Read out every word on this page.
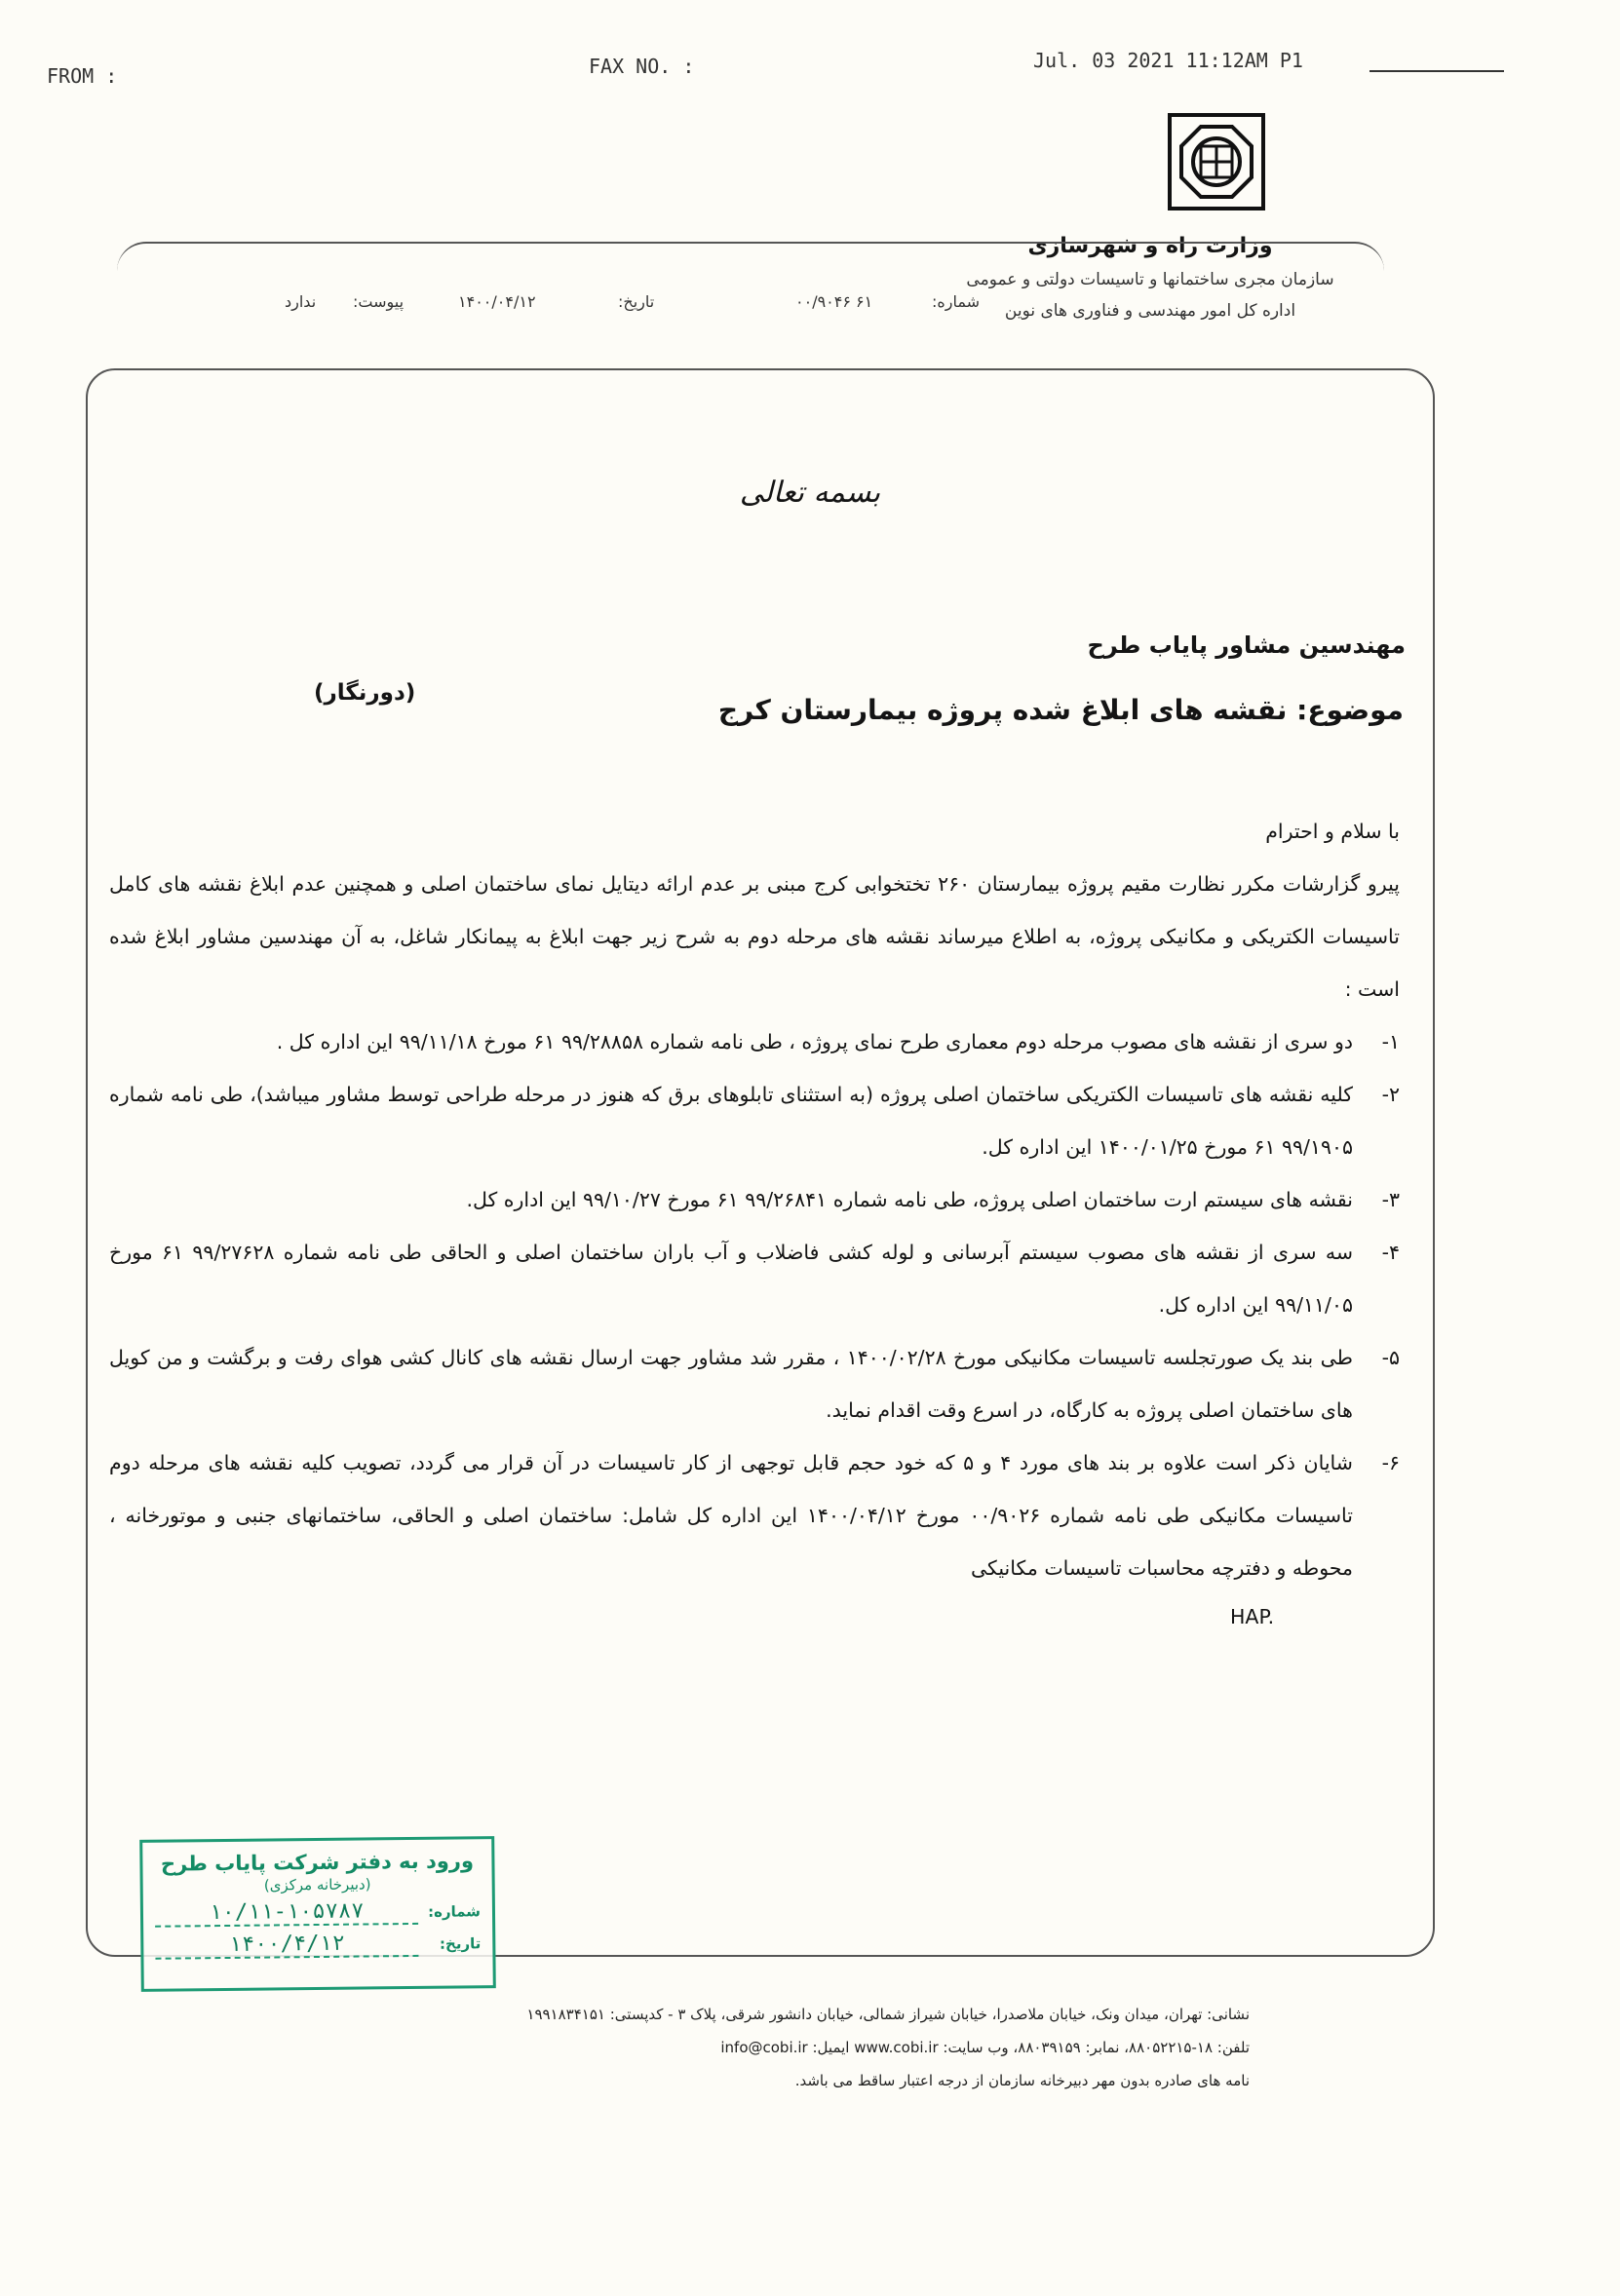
FROM :	FAX NO. :	Jul. 03 2021 11:12AM P1
وزارت راه و شهرسازی
سازمان مجری ساختمانها و تاسیسات دولتی و عمومی
اداره کل امور مهندسی و فناوری های نوین
شماره:
۶۱ ۰۰/۹۰۴۶
تاریخ:
۱۴۰۰/۰۴/۱۲
پیوست:
ندارد
بسمه تعالی
مهندسین مشاور پایاب طرح
موضوع: نقشه های ابلاغ شده پروژه بیمارستان کرج
(دورنگار)

با سلام و احترام

پیرو گزارشات مکرر نظارت مقیم پروژه بیمارستان ۲۶۰ تختخوابی کرج مبنی بر عدم ارائه دیتایل نمای ساختمان اصلی و همچنین عدم ابلاغ نقشه های کامل تاسیسات الکتریکی و مکانیکی پروژه، به اطلاع میرساند نقشه های مرحله دوم به شرح زیر جهت ابلاغ به پیمانکار شاغل، به آن مهندسین مشاور ابلاغ شده است :

۱-
دو سری از نقشه های مصوب مرحله دوم معماری طرح نمای پروژه ، طی نامه شماره ۹۹/۲۸۸۵۸ ۶۱ مورخ ۹۹/۱۱/۱۸ این اداره کل .
۲-
کلیه نقشه های تاسیسات الکتریکی ساختمان اصلی پروژه (به استثنای تابلوهای برق که هنوز در مرحله طراحی توسط مشاور میباشد)، طی نامه شماره ۹۹/۱۹۰۵ ۶۱ مورخ ۱۴۰۰/۰۱/۲۵ این اداره کل.
۳-
نقشه های سیستم ارت ساختمان اصلی پروژه، طی نامه شماره ۹۹/۲۶۸۴۱ ۶۱ مورخ ۹۹/۱۰/۲۷ این اداره کل.
۴-
سه سری از نقشه های مصوب سیستم آبرسانی و لوله کشی فاضلاب و آب باران ساختمان اصلی و الحاقی طی نامه شماره ۹۹/۲۷۶۲۸ ۶۱ مورخ ۹۹/۱۱/۰۵ این اداره کل.
۵-
طی بند یک صورتجلسه تاسیسات مکانیکی مورخ ۱۴۰۰/۰۲/۲۸ ، مقرر شد مشاور جهت ارسال نقشه های کانال کشی هوای رفت و برگشت و من کویل های ساختمان اصلی پروژه به کارگاه، در اسرع وقت اقدام نماید.
۶-
شایان ذکر است علاوه بر بند های مورد ۴ و ۵ که خود حجم قابل توجهی از کار تاسیسات در آن قرار می گردد، تصویب کلیه نقشه های مرحله دوم تاسیسات مکانیکی طی نامه شماره ۰۰/۹۰۲۶ مورخ ۱۴۰۰/۰۴/۱۲ این اداره کل شامل: ساختمان اصلی و الحاقی، ساختمانهای جنبی و موتورخانه ، محوطه و دفترچه محاسبات تاسیسات مکانیکی
HAP.
ورود به دفتر شرکت پایاب طرح
(دبیرخانه مرکزی)
شماره:
۱۰/۱۱-۱۰۵۷۸۷
تاریخ:
۱۴۰۰/۴/۱۲
نشانی: تهران، میدان ونک، خیابان ملاصدرا، خیابان شیراز شمالی، خیابان دانشور شرقی، پلاک ۳ - کدپستی: ۱۹۹۱۸۳۴۱۵۱
تلفن: ۱۸-۸۸۰۵۲۲۱۵، نمابر: ۸۸۰۳۹۱۵۹، وب سایت: www.cobi.ir ایمیل: info@cobi.ir
نامه های صادره بدون مهر دبیرخانه سازمان از درجه اعتبار ساقط می باشد.
